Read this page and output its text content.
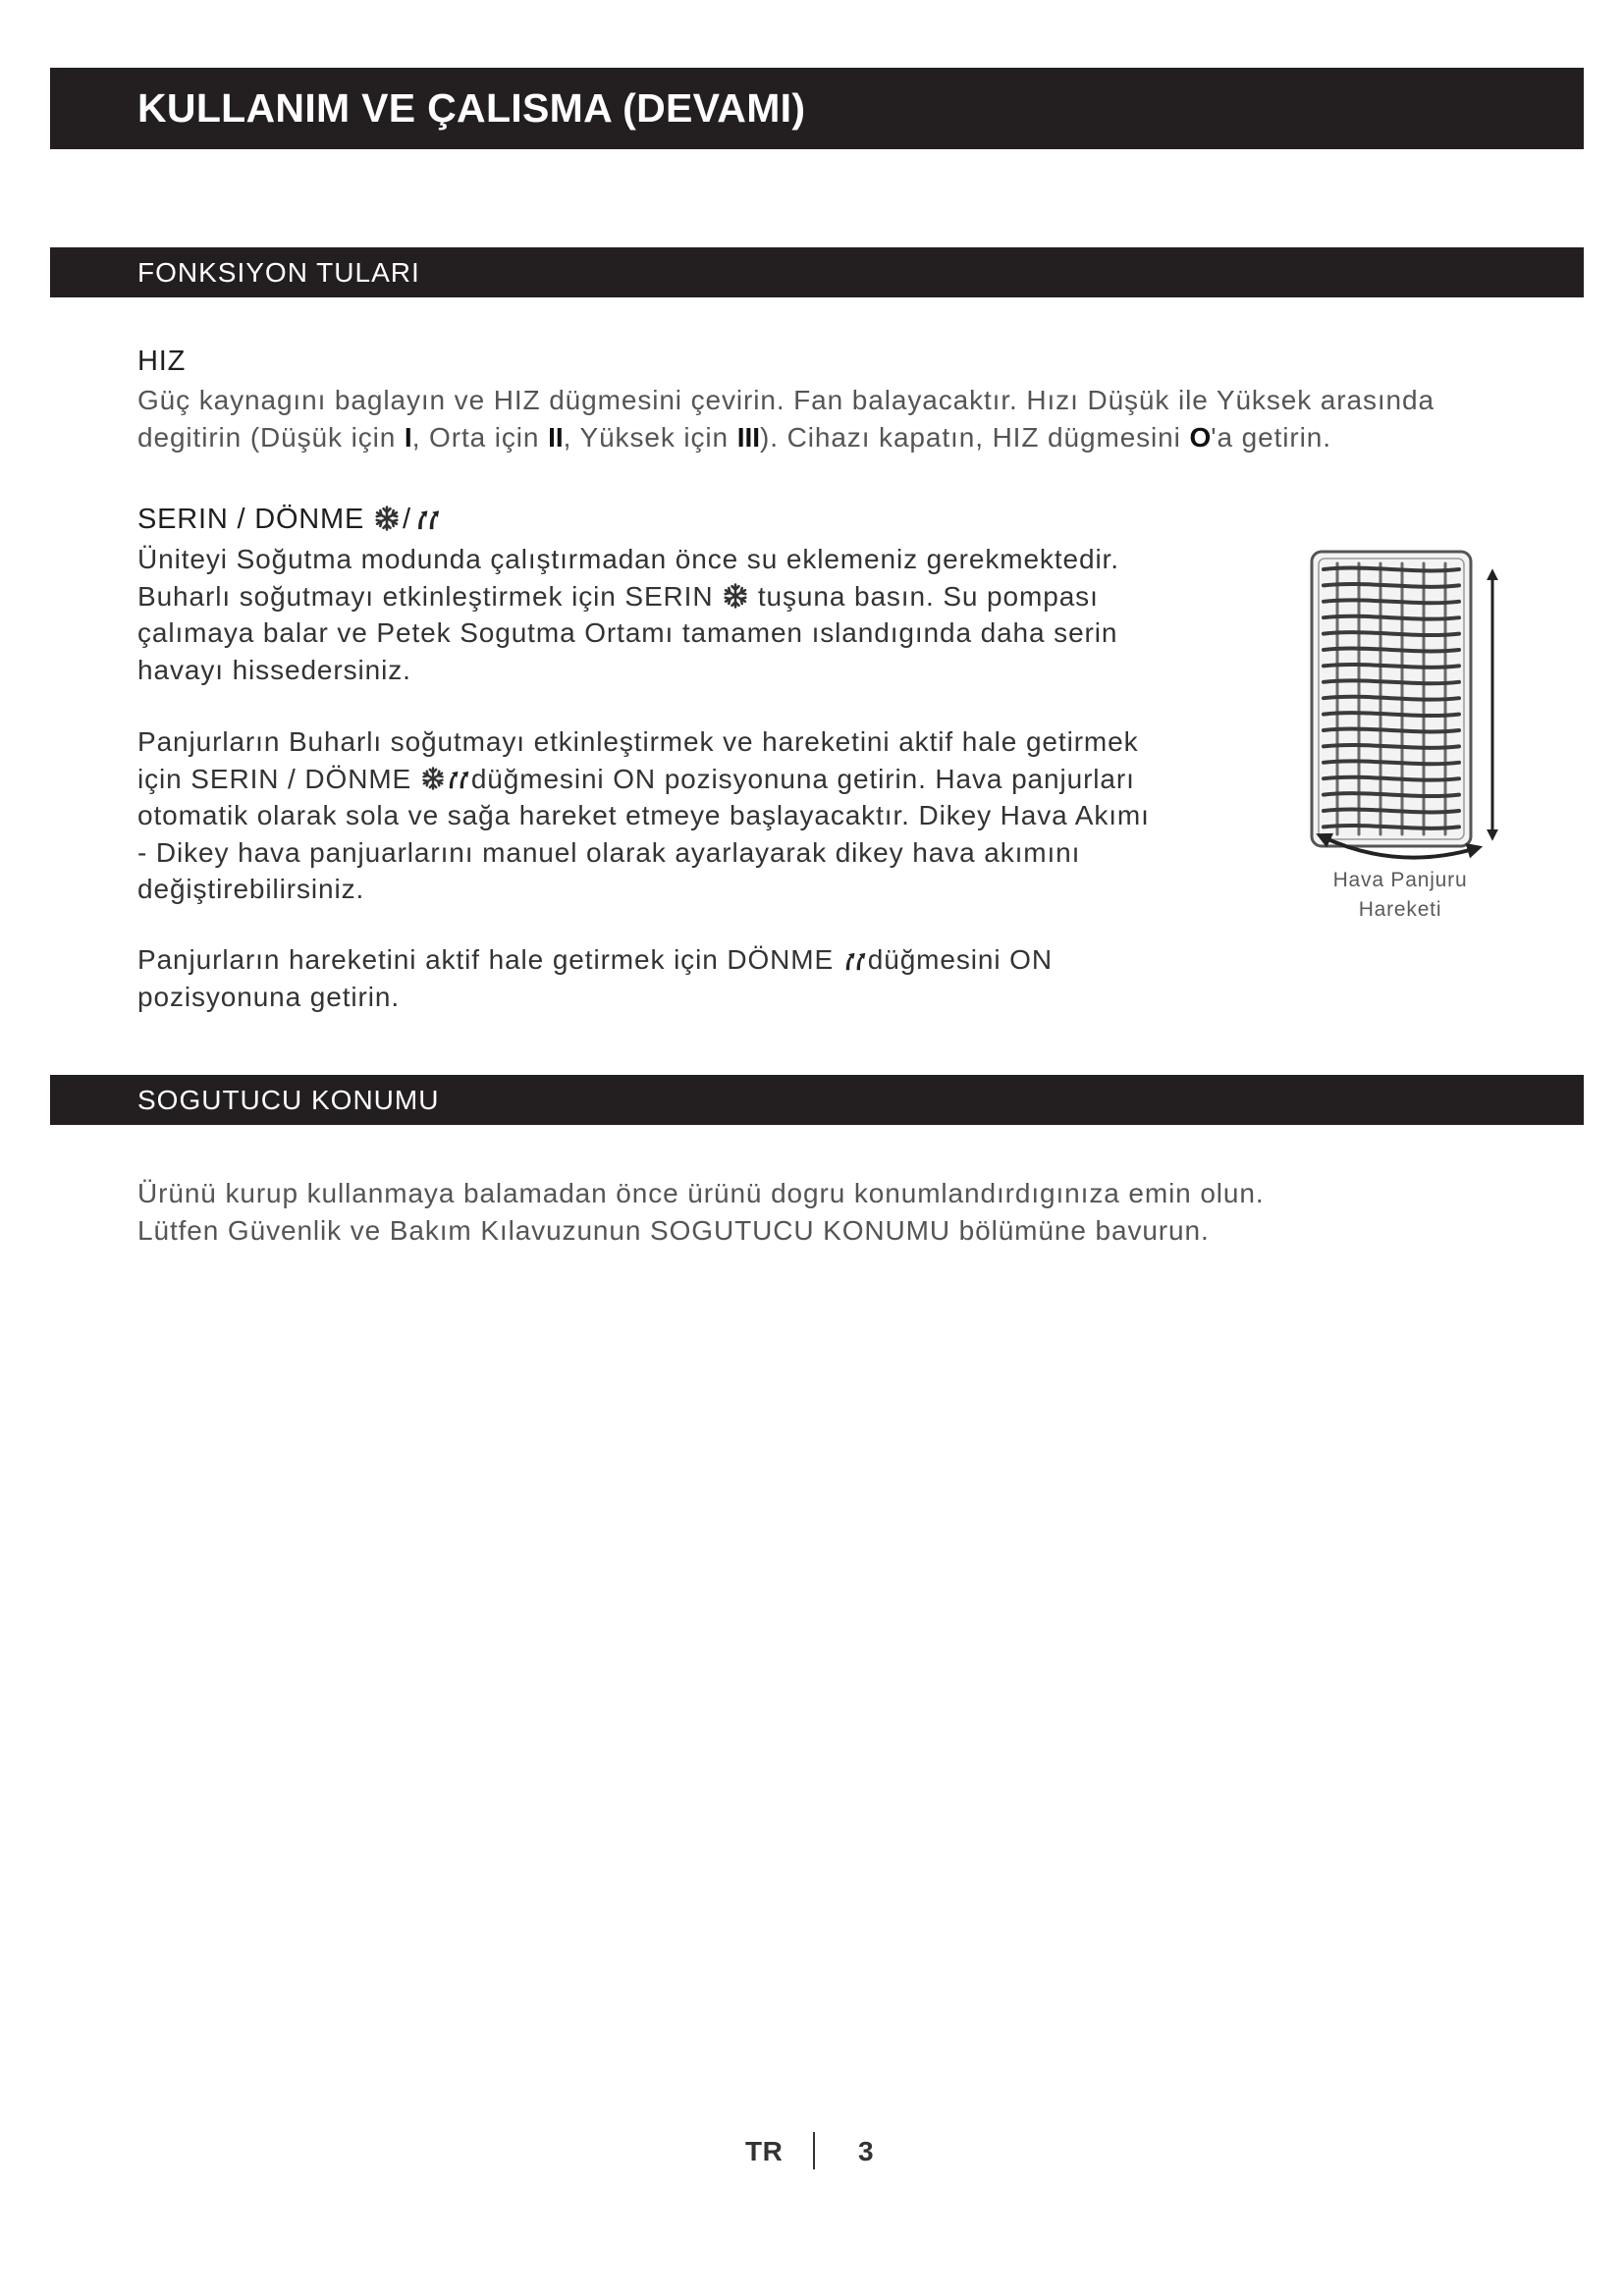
KULLANIM VE ÇALISMA (DEVAMI)
FONKSIYON TULARI
HIZ
Güç kaynagını baglayın ve HIZ dügmesini çevirin. Fan balayacaktır. Hızı Düşük ile Yüksek arasında
degitirin (Düşük için I, Orta için II, Yüksek için III). Cihazı kapatın, HIZ dügmesini O'a getirin.
SERIN / DÖNME /
Üniteyi Soğutma modunda çalıştırmadan önce su eklemeniz gerekmektedir.
Buharlı soğutmayı etkinleştirmek için SERIN  tuşuna basın. Su pompası
çalımaya balar ve Petek Sogutma Ortamı tamamen ıslandıgında daha serin
havayı hissedersiniz.
Panjurların Buharlı soğutmayı etkinleştirmek ve hareketini aktif hale getirmek
için SERIN / DÖNME düğmesini ON pozisyonuna getirin. Hava panjurları
otomatik olarak sola ve sağa hareket etmeye başlayacaktır. Dikey Hava Akımı
- Dikey hava panjuarlarını manuel olarak ayarlayarak dikey hava akımını
değiştirebilirsiniz.
Panjurların hareketini aktif hale getirmek için DÖNME düğmesini ON
pozisyonuna getirin.
Hava Panjuru
Hareketi
SOGUTUCU KONUMU
Ürünü kurup kullanmaya balamadan önce ürünü dogru konumlandırdıgınıza emin olun.
Lütfen Güvenlik ve Bakım Kılavuzunun SOGUTUCU KONUMU bölümüne bavurun.
TR	3
